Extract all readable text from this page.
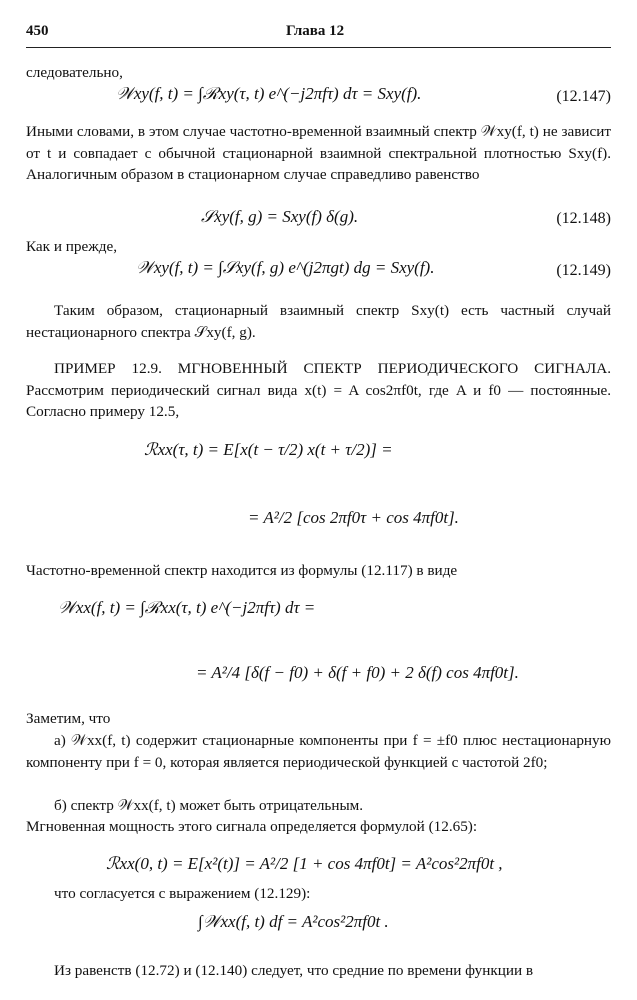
450	Глава 12
следовательно,
𝒲xy(f, t) = ∫ℛxy(τ, t) e^(−j2πfτ) dτ = Sxy(f).	(12.147)
Иными словами, в этом случае частотно-временной взаимный спектр 𝒲xy(f, t) не зависит от t и совпадает с обычной стационарной взаимной спектральной плотностью Sxy(f). Аналогичным образом в стационарном случае справедливо равенство
𝒮xy(f, g) = Sxy(f) δ(g).	(12.148)
Как и прежде,
𝒲xy(f, t) = ∫𝒮xy(f, g) e^(j2πgt) dg = Sxy(f).	(12.149)
Таким образом, стационарный взаимный спектр Sxy(t) есть частный случай нестационарного спектра 𝒮xy(f, g).
ПРИМЕР 12.9. МГНОВЕННЫЙ СПЕКТР ПЕРИОДИЧЕСКОГО СИГНАЛА. Рассмотрим периодический сигнал вида x(t) = A cos2πf0t, где A и f0 — постоянные. Согласно примеру 12.5,
ℛxx(τ, t) = E[x(t − τ/2) x(t + τ/2)] =
= A²/2 [cos 2πf0τ + cos 4πf0t].
Частотно-временной спектр находится из формулы (12.117) в виде
𝒲xx(f, t) = ∫ℛxx(τ, t) e^(−j2πfτ) dτ =
= A²/4 [δ(f − f0) + δ(f + f0) + 2 δ(f) cos 4πf0t].
Заметим, что
а) 𝒲xx(f, t) содержит стационарные компоненты при f = ±f0 плюс нестационарную компоненту при f = 0, которая является периодической функцией с частотой 2f0;
б) спектр 𝒲xx(f, t) может быть отрицательным.
Мгновенная мощность этого сигнала определяется формулой (12.65):
ℛxx(0, t) = E[x²(t)] = A²/2 [1 + cos 4πf0t] = A²cos²2πf0t ,
что согласуется с выражением (12.129):
∫𝒲xx(f, t) df = A²cos²2πf0t .
Из равенств (12.72) и (12.140) следует, что средние по времени функции в
